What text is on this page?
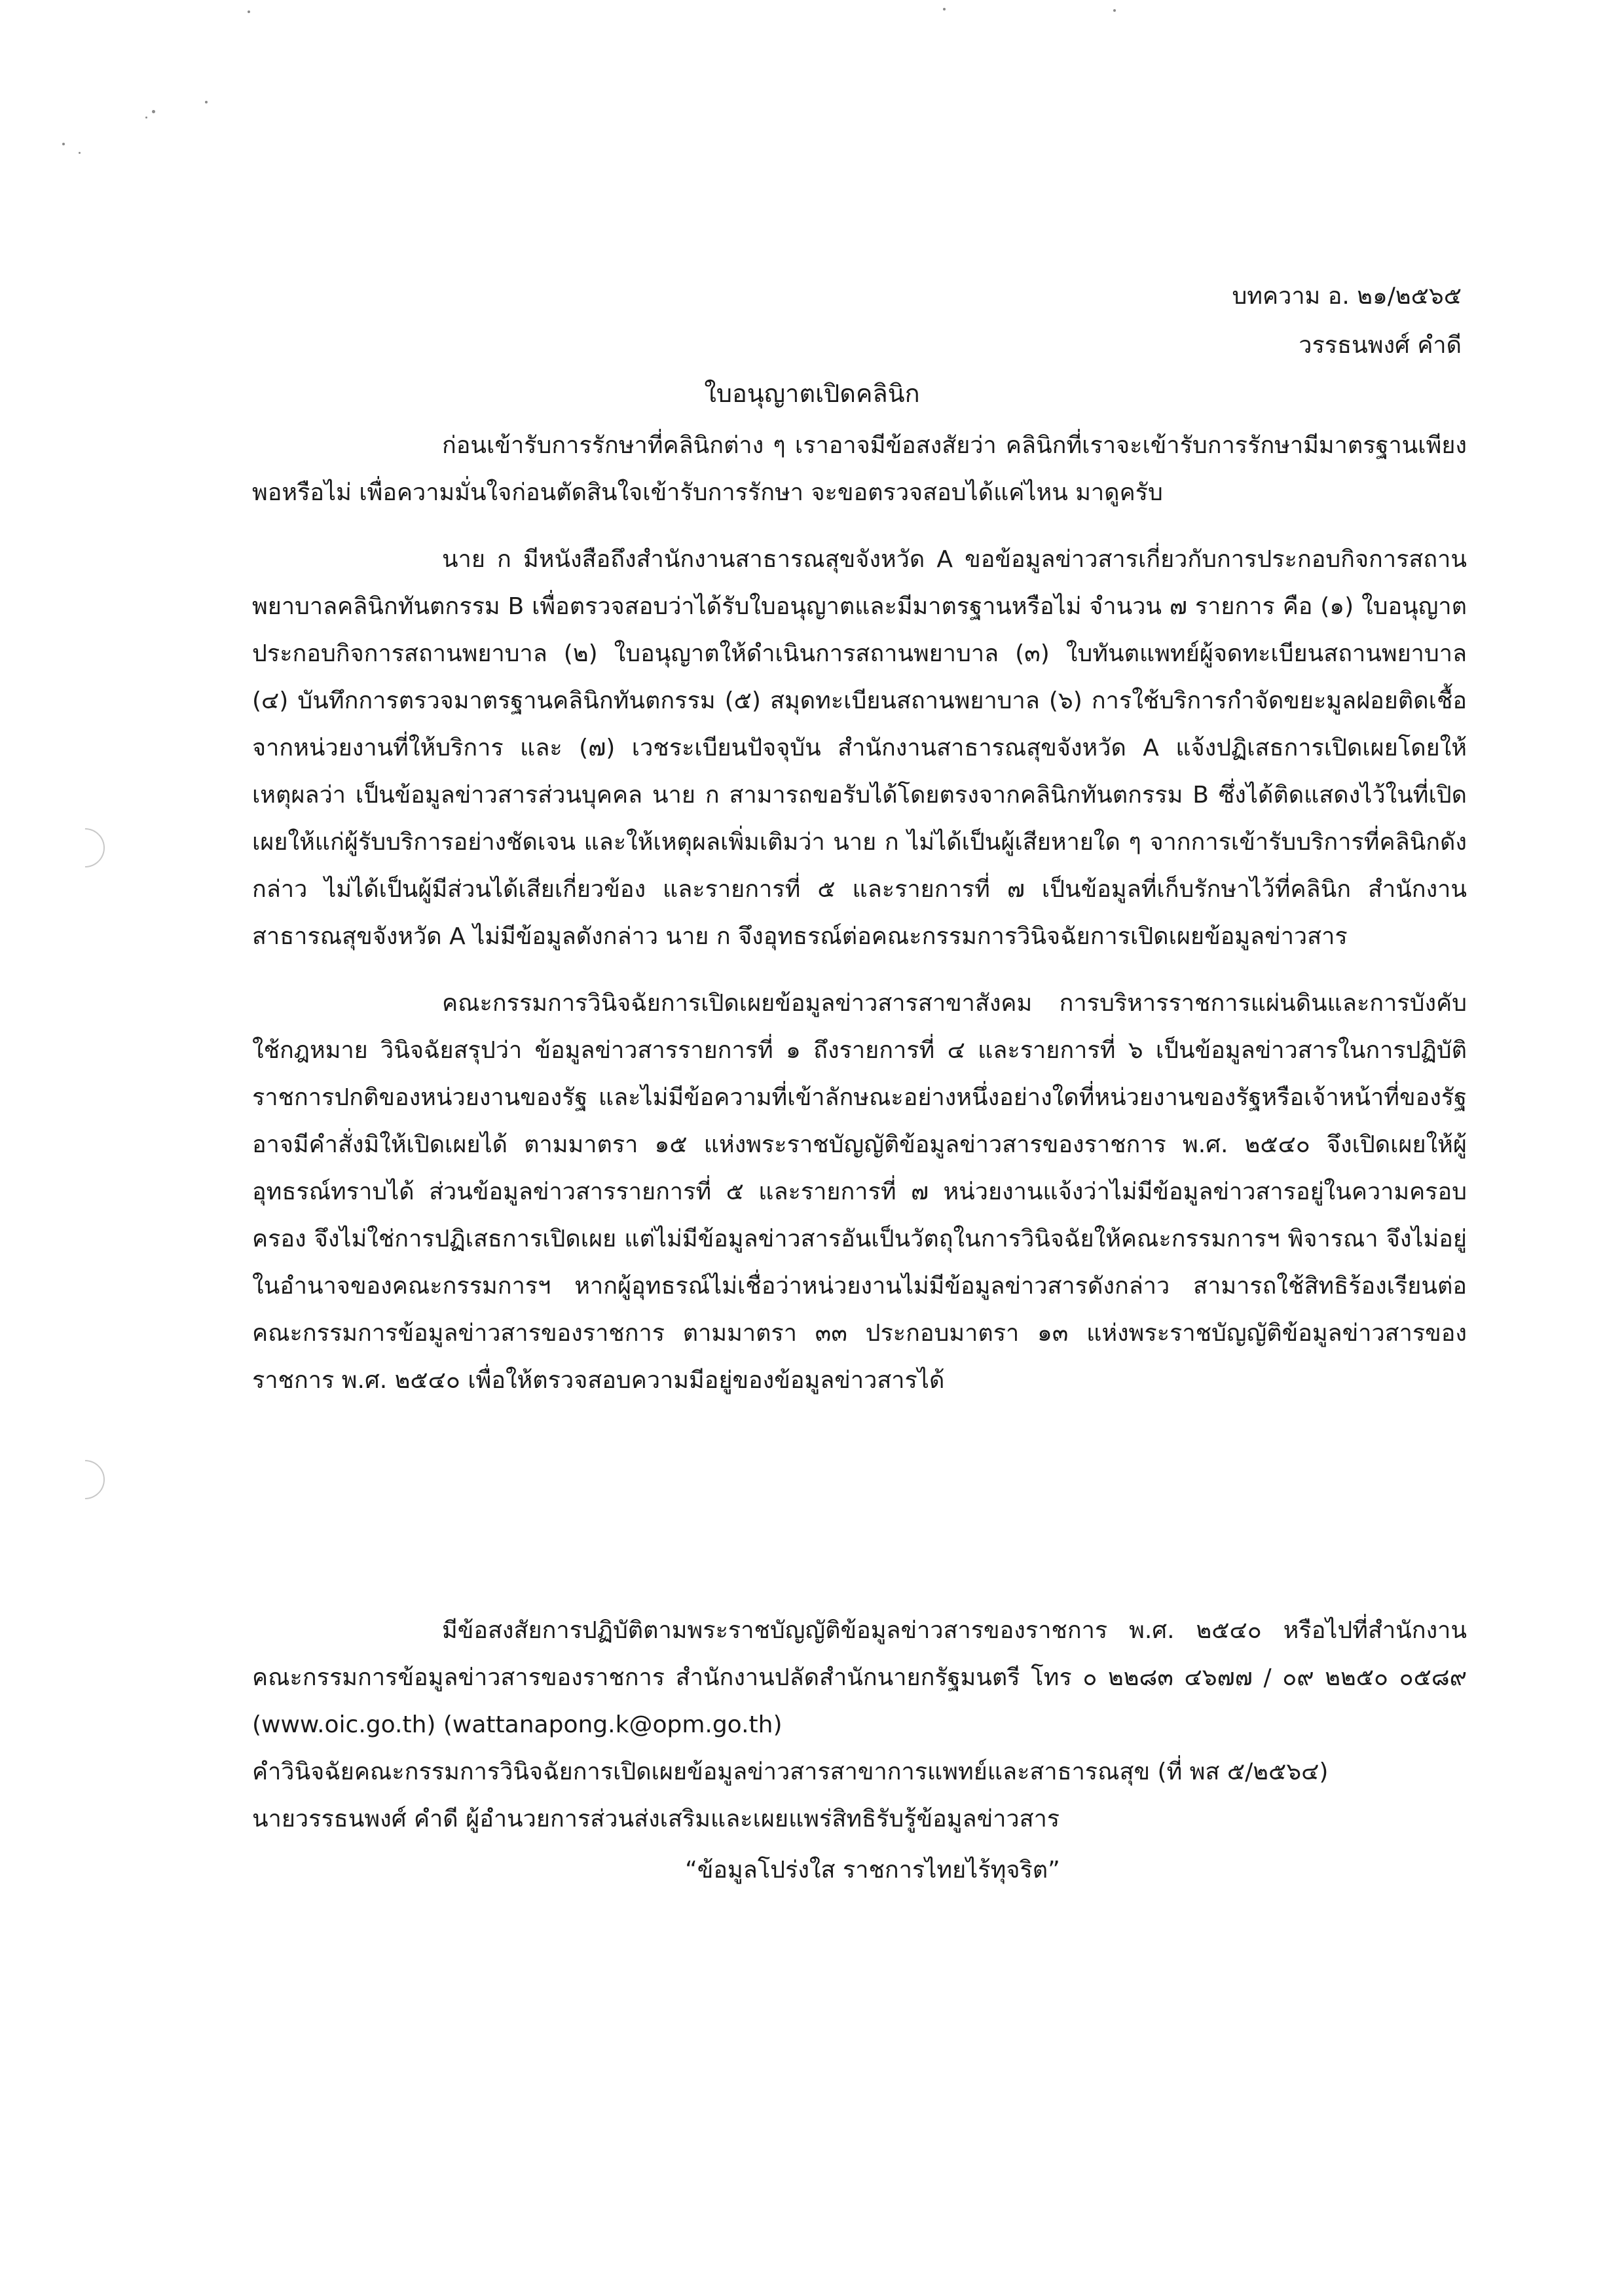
บทความ อ. ๒๑/๒๕๖๕
วรรธนพงศ์ คำดี
ใบอนุญาตเปิดคลินิก

ก่อนเข้ารับการรักษาที่คลินิกต่าง ๆ เราอาจมีข้อสงสัยว่า คลินิกที่เราจะเข้ารับการรักษามีมาตรฐานเพียงพอหรือไม่ เพื่อความมั่นใจก่อนตัดสินใจเข้ารับการรักษา จะขอตรวจสอบได้แค่ไหน มาดูครับ

นาย ก มีหนังสือถึงสำนักงานสาธารณสุขจังหวัด A ขอข้อมูลข่าวสารเกี่ยวกับการประกอบกิจการสถานพยาบาลคลินิกทันตกรรม B เพื่อตรวจสอบว่าได้รับใบอนุญาตและมีมาตรฐานหรือไม่ จำนวน ๗ รายการ คือ (๑) ใบอนุญาตประกอบกิจการสถานพยาบาล (๒) ใบอนุญาตให้ดำเนินการสถานพยาบาล (๓) ใบทันตแพทย์ผู้จดทะเบียนสถานพยาบาล (๔) บันทึกการตรวจมาตรฐานคลินิกทันตกรรม (๕) สมุดทะเบียนสถานพยาบาล (๖) การใช้บริการกำจัดขยะมูลฝอยติดเชื้อจากหน่วยงานที่ให้บริการ และ (๗) เวชระเบียนปัจจุบัน สำนักงานสาธารณสุขจังหวัด A แจ้งปฏิเสธการเปิดเผยโดยให้เหตุผลว่า เป็นข้อมูลข่าวสารส่วนบุคคล นาย ก สามารถขอรับได้โดยตรงจากคลินิกทันตกรรม B ซึ่งได้ติดแสดงไว้ในที่เปิดเผยให้แก่ผู้รับบริการอย่างชัดเจน และให้เหตุผลเพิ่มเติมว่า นาย ก ไม่ได้เป็นผู้เสียหายใด ๆ จากการเข้ารับบริการที่คลินิกดังกล่าว ไม่ได้เป็นผู้มีส่วนได้เสียเกี่ยวข้อง และรายการที่ ๕ และรายการที่ ๗ เป็นข้อมูลที่เก็บรักษาไว้ที่คลินิก สำนักงานสาธารณสุขจังหวัด A ไม่มีข้อมูลดังกล่าว นาย ก จึงอุทธรณ์ต่อคณะกรรมการวินิจฉัยการเปิดเผยข้อมูลข่าวสาร

คณะกรรมการวินิจฉัยการเปิดเผยข้อมูลข่าวสารสาขาสังคม การบริหารราชการแผ่นดินและการบังคับใช้กฎหมาย วินิจฉัยสรุปว่า ข้อมูลข่าวสารรายการที่ ๑ ถึงรายการที่ ๔ และรายการที่ ๖ เป็นข้อมูลข่าวสารในการปฏิบัติราชการปกติของหน่วยงานของรัฐ และไม่มีข้อความที่เข้าลักษณะอย่างหนึ่งอย่างใดที่หน่วยงานของรัฐหรือเจ้าหน้าที่ของรัฐอาจมีคำสั่งมิให้เปิดเผยได้ ตามมาตรา ๑๕ แห่งพระราชบัญญัติข้อมูลข่าวสารของราชการ พ.ศ. ๒๕๔๐ จึงเปิดเผยให้ผู้อุทธรณ์ทราบได้ ส่วนข้อมูลข่าวสารรายการที่ ๕ และรายการที่ ๗ หน่วยงานแจ้งว่าไม่มีข้อมูลข่าวสารอยู่ในความครอบครอง จึงไม่ใช่การปฏิเสธการเปิดเผย แต่ไม่มีข้อมูลข่าวสารอันเป็นวัตถุในการวินิจฉัยให้คณะกรรมการฯ พิจารณา จึงไม่อยู่ในอำนาจของคณะกรรมการฯ หากผู้อุทธรณ์ไม่เชื่อว่าหน่วยงานไม่มีข้อมูลข่าวสารดังกล่าว สามารถใช้สิทธิร้องเรียนต่อคณะกรรมการข้อมูลข่าวสารของราชการ ตามมาตรา ๓๓ ประกอบมาตรา ๑๓ แห่งพระราชบัญญัติข้อมูลข่าวสารของราชการ พ.ศ. ๒๕๔๐ เพื่อให้ตรวจสอบความมีอยู่ของข้อมูลข่าวสารได้

มีข้อสงสัยการปฏิบัติตามพระราชบัญญัติข้อมูลข่าวสารของราชการ พ.ศ. ๒๕๔๐ หรือไปที่สำนักงานคณะกรรมการข้อมูลข่าวสารของราชการ สำนักงานปลัดสำนักนายกรัฐมนตรี โทร ๐ ๒๒๘๓ ๔๖๗๗ / ๐๙ ๒๒๕๐ ๐๕๘๙ (www.oic.go.th) (wattanapong.k@opm.go.th)

คำวินิจฉัยคณะกรรมการวินิจฉัยการเปิดเผยข้อมูลข่าวสารสาขาการแพทย์และสาธารณสุข (ที่ พส ๕/๒๕๖๔)

นายวรรธนพงศ์ คำดี ผู้อำนวยการส่วนส่งเสริมและเผยแพร่สิทธิรับรู้ข้อมูลข่าวสาร

“ข้อมูลโปร่งใส ราชการไทยไร้ทุจริต”
